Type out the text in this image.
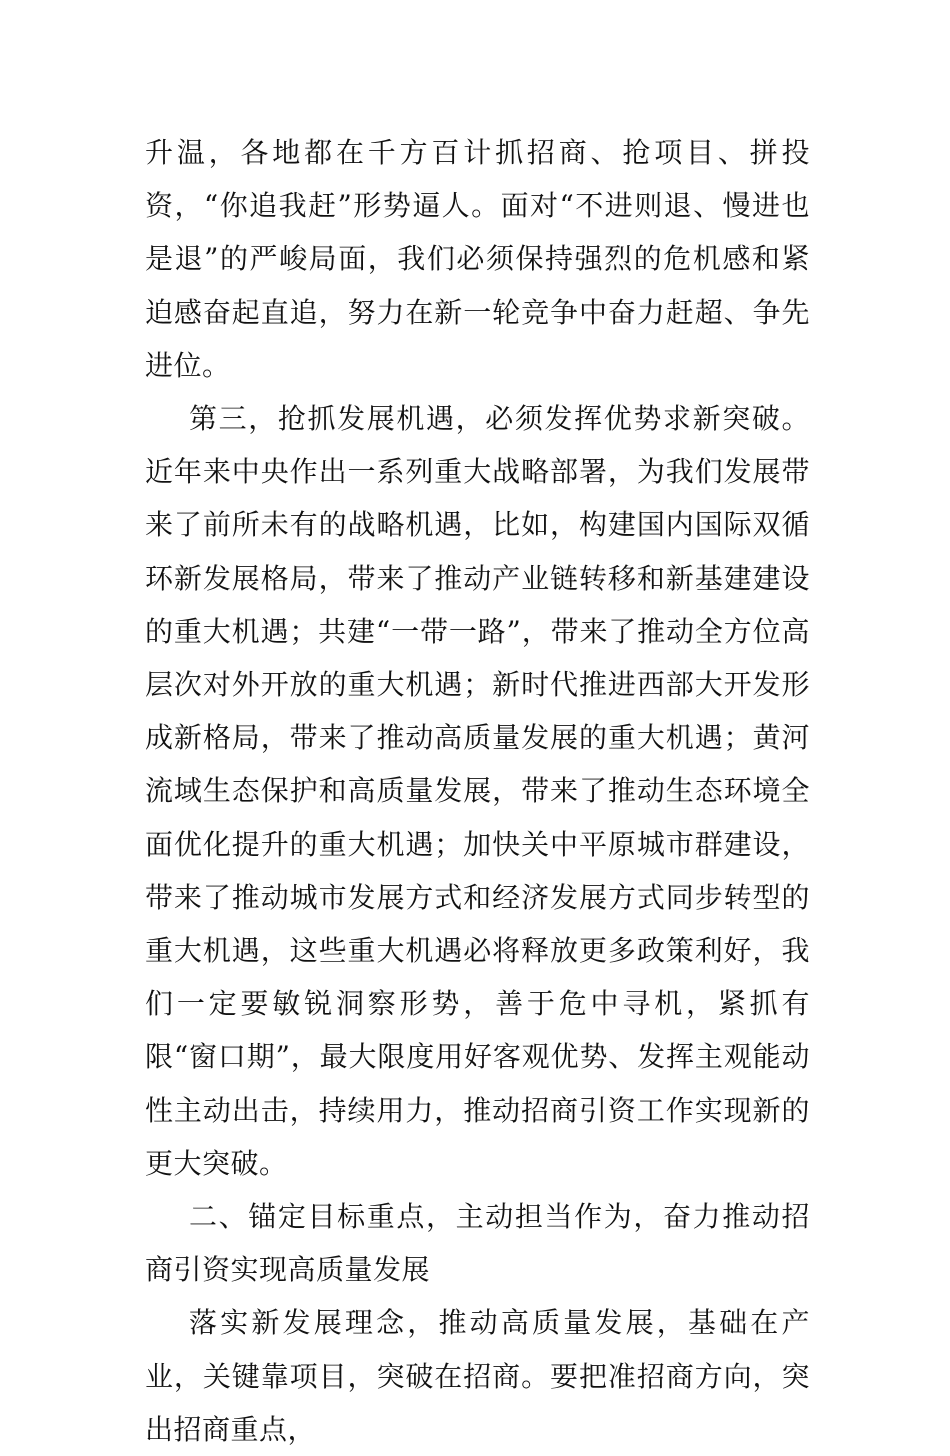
升温，各地都在千方百计抓招商、抢项目、拼投资，“你追我赶”形势逼人。面对“不进则退、慢进也是退”的严峻局面，我们必须保持强烈的危机感和紧迫感奋起直追，努力在新一轮竞争中奋力赶超、争先进位。

第三，抢抓发展机遇，必须发挥优势求新突破。近年来中央作出一系列重大战略部署，为我们发展带来了前所未有的战略机遇，比如，构建国内国际双循环新发展格局，带来了推动产业链转移和新基建建设的重大机遇；共建“一带一路”，带来了推动全方位高层次对外开放的重大机遇；新时代推进西部大开发形成新格局，带来了推动高质量发展的重大机遇；黄河流域生态保护和高质量发展，带来了推动生态环境全面优化提升的重大机遇；加快关中平原城市群建设，带来了推动城市发展方式和经济发展方式同步转型的重大机遇，这些重大机遇必将释放更多政策利好，我们一定要敏锐洞察形势，善于危中寻机，紧抓有限“窗口期”，最大限度用好客观优势、发挥主观能动性主动出击，持续用力，推动招商引资工作实现新的更大突破。

二、锚定目标重点，主动担当作为，奋力推动招商引资实现高质量发展

落实新发展理念，推动高质量发展，基础在产业，关键靠项目，突破在招商。要把准招商方向，突出招商重点，
